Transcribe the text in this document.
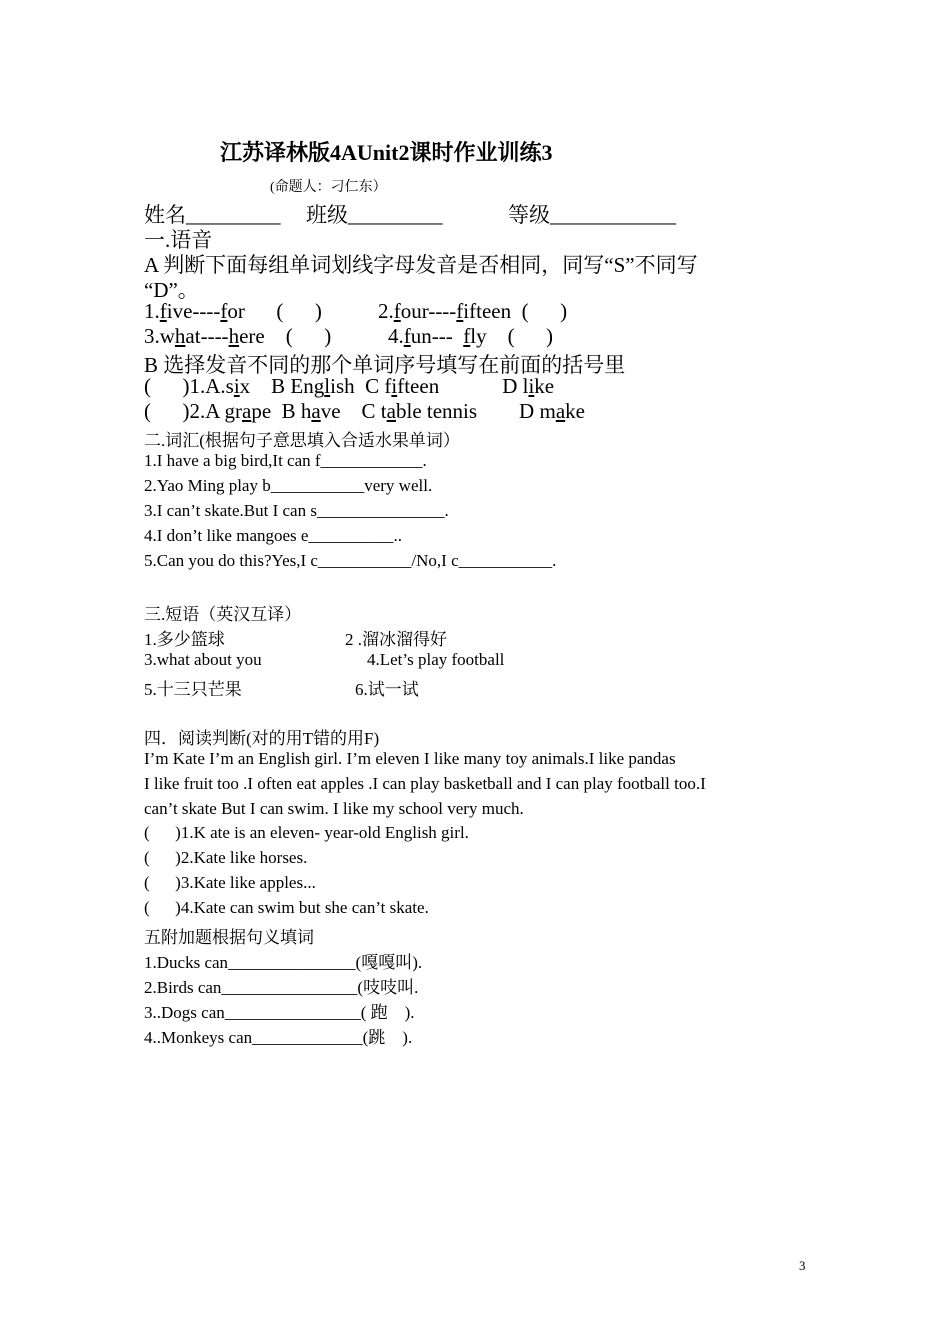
江苏译林版4AUnit2课时作业训练3
(命题人：刁仁东）
姓名_________ 班级_________	等级____________
一.语音
A 判断下面每组单词划线字母发音是否相同，同写“S”不同写
“D”。
1.five----for      (      )	2.four----fifteen  (      )
3.what----here    (      )	4.fun---  fly    (      )
B 选择发音不同的那个单词序号填写在前面的括号里
(      )1.A.six    B English  C fifteen            D like
(      )2.A grape  B have    C table tennis        D make
二.词汇(根据句子意思填入合适水果单词）
1.I have a big bird,It can f____________.
2.Yao Ming play b___________very well.
3.I can’t skate.But I can s_______________.
4.I don’t like mangoes e__________..
5.Can you do this?Yes,I c___________/No,I c___________.
三.短语（英汉互译）
1.多少篮球	2 .溜冰溜得好
3.what about you	4.Let’s play football
5.十三只芒果	6.试一试
四．阅读判断(对的用T错的用F)
I’m Kate I’m an English girl. I’m eleven I like many toy animals.I like pandas
I like fruit too .I often eat apples .I can play basketball and I can play football too.I
can’t skate But I can swim. I like my school very much.
(      )1.K ate is an eleven- year-old English girl.
(      )2.Kate like horses.
(      )3.Kate like apples...
(      )4.Kate can swim but she can’t skate.
五附加题根据句义填词
1.Ducks can_______________(嘎嘎叫).
2.Birds can________________(吱吱叫.
3..Dogs can________________( 跑    ).
4..Monkeys can_____________(跳    ).
3
